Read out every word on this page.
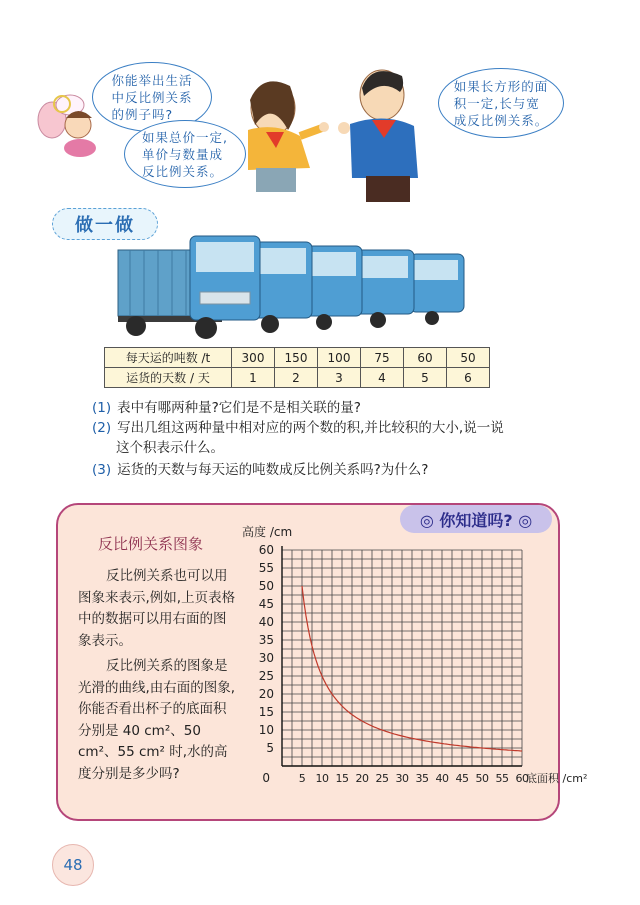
你能举出生活
中反比例关系
的例子吗?
如果总价一定,
单价与数量成
反比例关系。
如果长方形的面
积一定,长与宽
成反比例关系。
做一做
每天运的吨数 /t	300	150	100	75	60	50
运货的天数 / 天	1	2	3	4	5	6
(1) 表中有哪两种量?它们是不是相关联的量?
(2) 写出几组这两种量中相对应的两个数的积,并比较积的大小,说一说
这个积表示什么。
(3) 运货的天数与每天运的吨数成反比例关系吗?为什么?
◎ 你知道吗? ◎
反比例关系图象
反比例关系也可以用图象来表示,例如,上页表格中的数据可以用右面的图象表示。
反比例关系的图象是光滑的曲线,由右面的图象,你能否看出杯子的底面积分别是 40 cm²、50 cm²、55 cm² 时,水的高度分别是多少吗?
5
10
15
20
25
30
35
40
45
50
55
60
0	5 10 15 20 25 30 35 40 45 50 55 60
高度 /cm
底面积 /cm²
48
